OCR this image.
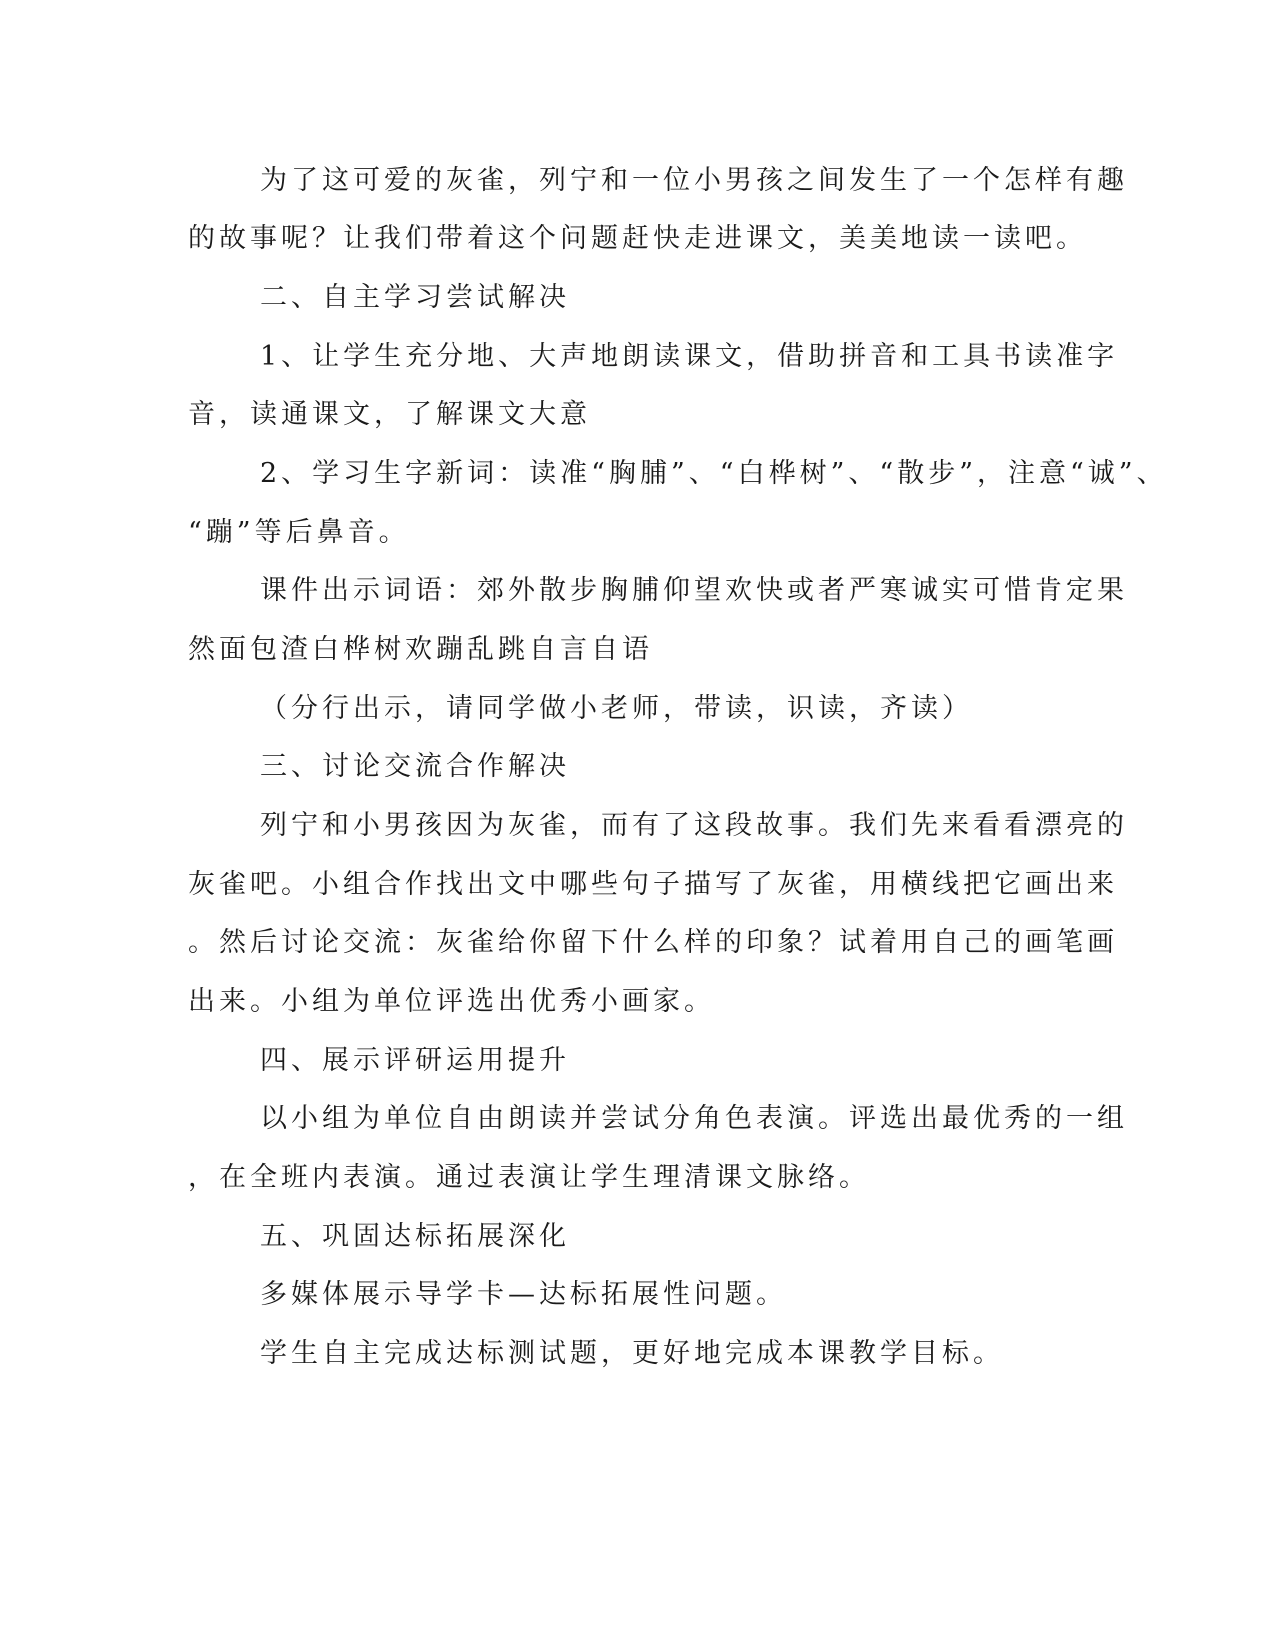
为了这可爱的灰雀，列宁和一位小男孩之间发生了一个怎样有趣
的故事呢？让我们带着这个问题赶快走进课文，美美地读一读吧。
二、自主学习尝试解决
1、让学生充分地、大声地朗读课文，借助拼音和工具书读准字
音，读通课文，了解课文大意
2、学习生字新词：读准“胸脯”、“白桦树”、“散步”，注意“诚”、
“蹦”等后鼻音。
课件出示词语：郊外散步胸脯仰望欢快或者严寒诚实可惜肯定果
然面包渣白桦树欢蹦乱跳自言自语
（分行出示，请同学做小老师，带读，识读，齐读）
三、讨论交流合作解决
列宁和小男孩因为灰雀，而有了这段故事。我们先来看看漂亮的
灰雀吧。小组合作找出文中哪些句子描写了灰雀，用横线把它画出来
。然后讨论交流：灰雀给你留下什么样的印象？试着用自己的画笔画
出来。小组为单位评选出优秀小画家。
四、展示评研运用提升
以小组为单位自由朗读并尝试分角色表演。评选出最优秀的一组
，在全班内表演。通过表演让学生理清课文脉络。
五、巩固达标拓展深化
多媒体展示导学卡—达标拓展性问题。
学生自主完成达标测试题，更好地完成本课教学目标。
